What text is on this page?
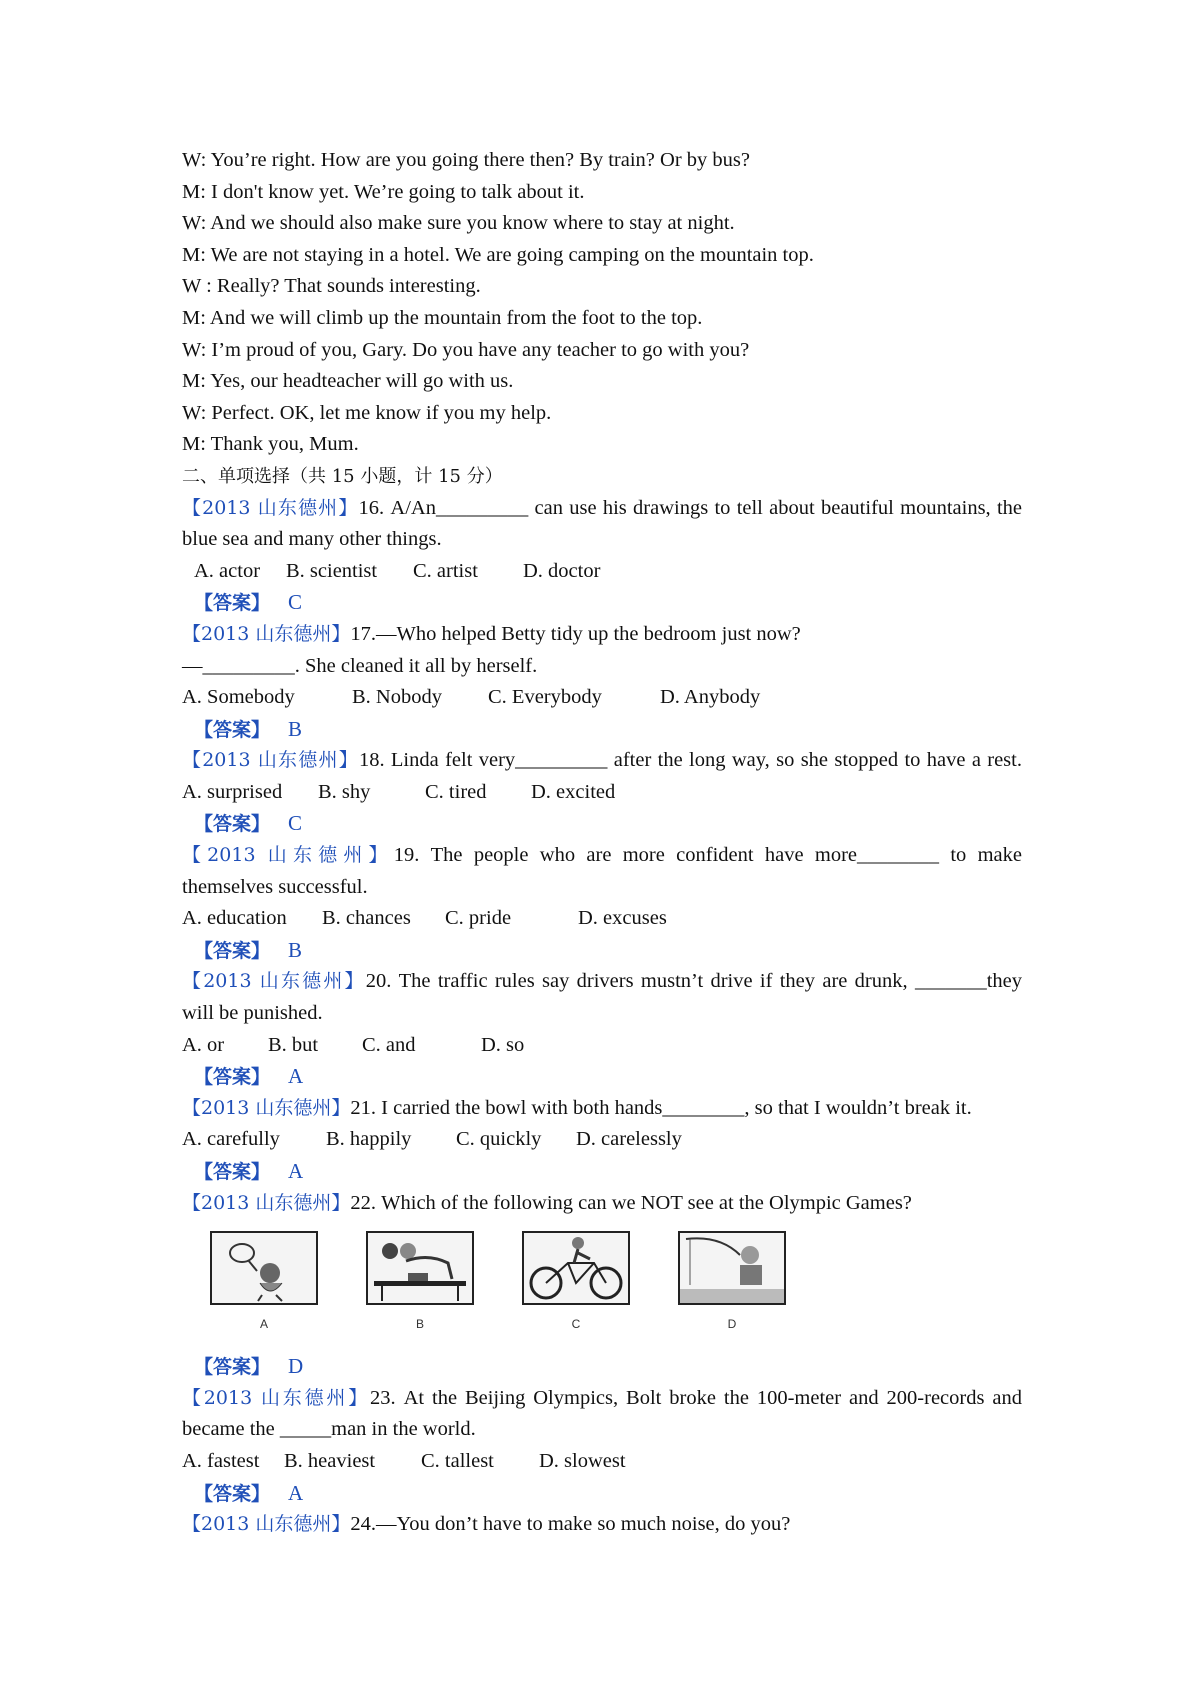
W: You’re right. How are you going there then? By train? Or by bus?
M: I don't know yet. We’re going to talk about it.
W: And we should also make sure you know where to stay at night.
M: We are not staying in a hotel. We are going camping on the mountain top.
W : Really? That sounds interesting.
M: And we will climb up the mountain from the foot to the top.
W: I’m proud of you, Gary. Do you have any teacher to go with you?
M: Yes, our headteacher will go with us.
W: Perfect. OK, let me know if you my help.
M: Thank you, Mum.
二、单项选择（共 15 小题，计 15 分）
【2013 山东德州】16. A/An_________ can use his drawings to tell about beautiful mountains, the
blue sea and many other things.
A. actor B. scientist C. artist D. doctor
【答案】 C
【2013 山东德州】17.—Who helped Betty tidy up the bedroom just now?
—_________. She cleaned it all by herself.
A. Somebody	B. Nobody C. Everybody	D. Anybody
【答案】 B
【2013 山东德州】18. Linda felt very_________ after the long way, so she stopped to have a rest.
A. surprised B. shy	C. tired D. excited
【答案】 C
【2013 山东德州】19. The people who are more confident have more________ to make
themselves successful.
A. education B. chances C. pride	D. excuses
【答案】 B
【2013 山东德州】20. The traffic rules say drivers mustn’t drive if they are drunk, _______they
will be punished.
A. or B. but C. and	D. so
【答案】 A
【2013 山东德州】21. I carried the bowl with both hands________, so that I wouldn’t break it.
A. carefully B. happily C. quickly D. carelessly
【答案】 A
【2013 山东德州】22. Which of the following can we NOT see at the Olympic Games?
A	B	C	D
【答案】 D
【2013 山东德州】23. At the Beijing Olympics, Bolt broke the 100-meter and 200-records and
became the _____man in the world.
A. fastest B. heaviest C. tallest D. slowest
【答案】 A
【2013 山东德州】24.—You don’t have to make so much noise, do you?
